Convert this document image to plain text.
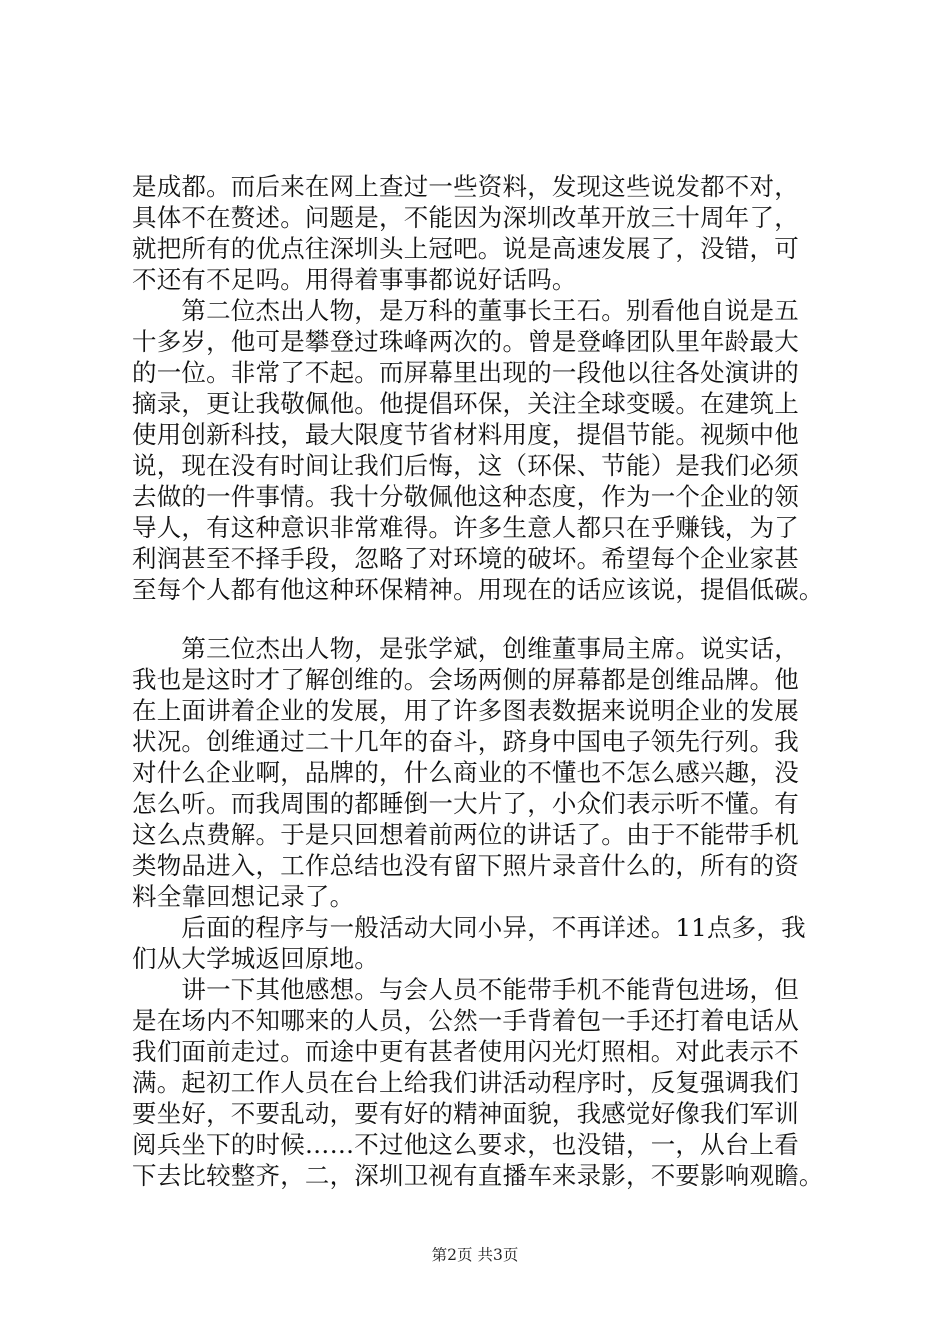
是成都。而后来在网上查过一些资料，发现这些说发都不对，
具体不在赘述。问题是，不能因为深圳改革开放三十周年了，
就把所有的优点往深圳头上冠吧。说是高速发展了，没错，可
不还有不足吗。用得着事事都说好话吗。
　　第二位杰出人物，是万科的董事长王石。别看他自说是五
十多岁，他可是攀登过珠峰两次的。曾是登峰团队里年龄最大
的一位。非常了不起。而屏幕里出现的一段他以往各处演讲的
摘录，更让我敬佩他。他提倡环保，关注全球变暖。在建筑上
使用创新科技，最大限度节省材料用度，提倡节能。视频中他
说，现在没有时间让我们后悔，这（环保、节能）是我们必须
去做的一件事情。我十分敬佩他这种态度，作为一个企业的领
导人，有这种意识非常难得。许多生意人都只在乎赚钱，为了
利润甚至不择手段，忽略了对环境的破坏。希望每个企业家甚
至每个人都有他这种环保精神。用现在的话应该说，提倡低碳。
　　第三位杰出人物，是张学斌，创维董事局主席。说实话，
我也是这时才了解创维的。会场两侧的屏幕都是创维品牌。他
在上面讲着企业的发展，用了许多图表数据来说明企业的发展
状况。创维通过二十几年的奋斗，跻身中国电子领先行列。我
对什么企业啊，品牌的，什么商业的不懂也不怎么感兴趣，没
怎么听。而我周围的都睡倒一大片了，小众们表示听不懂。有
这么点费解。于是只回想着前两位的讲话了。由于不能带手机
类物品进入，工作总结也没有留下照片录音什么的，所有的资
料全靠回想记录了。
　　后面的程序与一般活动大同小异，不再详述。11点多，我
们从大学城返回原地。
　　讲一下其他感想。与会人员不能带手机不能背包进场，但
是在场内不知哪来的人员，公然一手背着包一手还打着电话从
我们面前走过。而途中更有甚者使用闪光灯照相。对此表示不
满。起初工作人员在台上给我们讲活动程序时，反复强调我们
要坐好，不要乱动，要有好的精神面貌，我感觉好像我们军训
阅兵坐下的时候……不过他这么要求，也没错，一，从台上看
下去比较整齐，二，深圳卫视有直播车来录影，不要影响观瞻。
第2页 共3页
